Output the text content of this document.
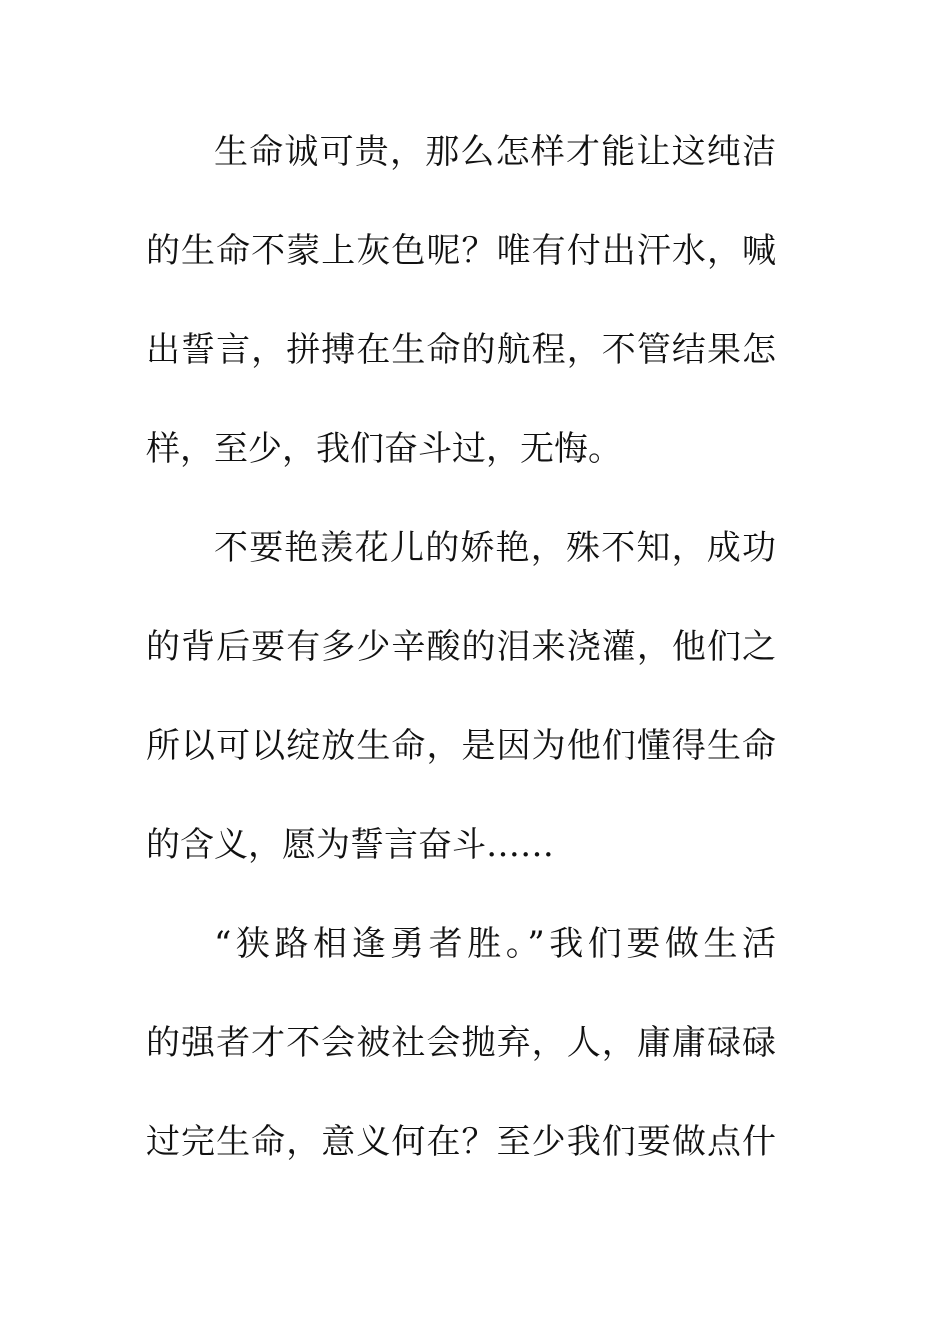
生命诚可贵，那么怎样才能让这纯洁
的生命不蒙上灰色呢？唯有付出汗水，喊
出誓言，拼搏在生命的航程，不管结果怎
样，至少，我们奋斗过，无悔。
不要艳羡花儿的娇艳，殊不知，成功
的背后要有多少辛酸的泪来浇灌，他们之
所以可以绽放生命，是因为他们懂得生命
的含义，愿为誓言奋斗……
“狭路相逢勇者胜。”我们要做生活
的强者才不会被社会抛弃，人，庸庸碌碌
过完生命，意义何在？至少我们要做点什
